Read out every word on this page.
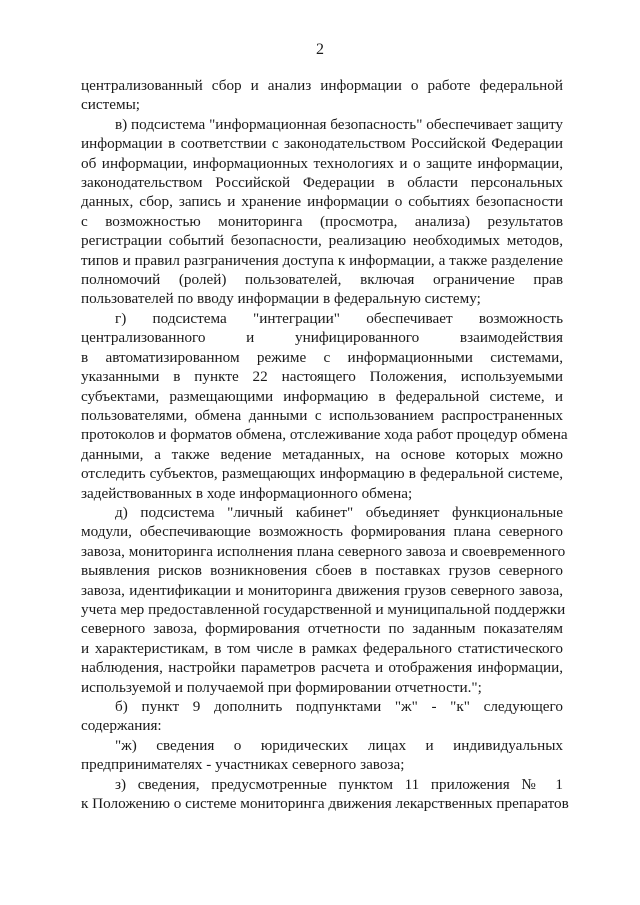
2
централизованный сбор и анализ информации о работе федеральной
системы;
в) подсистема "информационная безопасность" обеспечивает защиту
информации в соответствии с законодательством Российской Федерации
об информации, информационных технологиях и о защите информации,
законодательством Российской Федерации в области персональных
данных, сбор, запись и хранение информации о событиях безопасности
с возможностью мониторинга (просмотра, анализа) результатов
регистрации событий безопасности, реализацию необходимых методов,
типов и правил разграничения доступа к информации, а также разделение
полномочий (ролей) пользователей, включая ограничение прав
пользователей по вводу информации в федеральную систему;
г) подсистема "интеграции" обеспечивает возможность
централизованного и унифицированного взаимодействия
в автоматизированном режиме с информационными системами,
указанными в пункте 22 настоящего Положения, используемыми
субъектами, размещающими информацию в федеральной системе, и
пользователями, обмена данными с использованием распространенных
протоколов и форматов обмена, отслеживание хода работ процедур обмена
данными, а также ведение метаданных, на основе которых можно
отследить субъектов, размещающих информацию в федеральной системе,
задействованных в ходе информационного обмена;
д) подсистема "личный кабинет" объединяет функциональные
модули, обеспечивающие возможность формирования плана северного
завоза, мониторинга исполнения плана северного завоза и своевременного
выявления рисков возникновения сбоев в поставках грузов северного
завоза, идентификации и мониторинга движения грузов северного завоза,
учета мер предоставленной государственной и муниципальной поддержки
северного завоза, формирования отчетности по заданным показателям
и характеристикам, в том числе в рамках федерального статистического
наблюдения, настройки параметров расчета и отображения информации,
используемой и получаемой при формировании отчетности.";
б) пункт 9 дополнить подпунктами "ж" - "к" следующего
содержания:
"ж) сведения о юридических лицах и индивидуальных
предпринимателях - участниках северного завоза;
з) сведения, предусмотренные пунктом 11 приложения № 1
к Положению о системе мониторинга движения лекарственных препаратов
